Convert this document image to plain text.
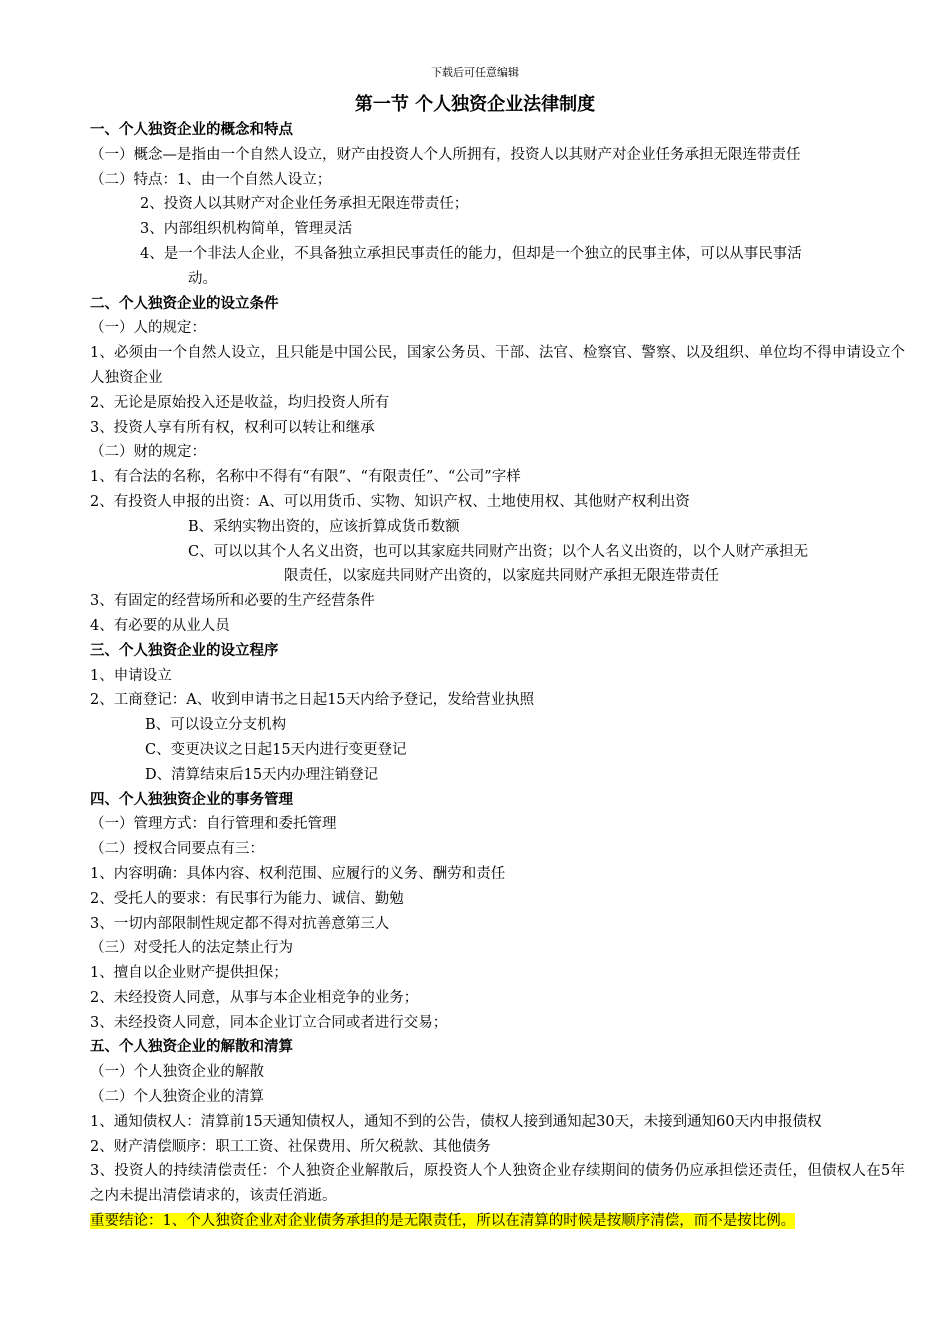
下载后可任意编辑
第一节 个人独资企业法律制度
一、个人独资企业的概念和特点
（一）概念—是指由一个自然人设立，财产由投资人个人所拥有，投资人以其财产对企业任务承担无限连带责任
（二）特点：1、由一个自然人设立；
2、投资人以其财产对企业任务承担无限连带责任；
3、内部组织机构简单，管理灵活
4、是一个非法人企业，不具备独立承担民事责任的能力，但却是一个独立的民事主体，可以从事民事活
动。
二、个人独资企业的设立条件
（一）人的规定：
1、必须由一个自然人设立，且只能是中国公民，国家公务员、干部、法官、检察官、警察、以及组织、单位均不得申请设立个人独资企业
2、无论是原始投入还是收益，均归投资人所有
3、投资人享有所有权，权利可以转让和继承
（二）财的规定：
1、有合法的名称，名称中不得有“有限”、“有限责任”、“公司”字样
2、有投资人申报的出资：A、可以用货币、实物、知识产权、土地使用权、其他财产权利出资
B、采纳实物出资的，应该折算成货币数额
C、可以以其个人名义出资，也可以其家庭共同财产出资；以个人名义出资的，以个人财产承担无
限责任，以家庭共同财产出资的，以家庭共同财产承担无限连带责任
3、有固定的经营场所和必要的生产经营条件
4、有必要的从业人员
三、个人独资企业的设立程序
1、申请设立
2、工商登记：A、收到申请书之日起15天内给予登记，发给营业执照
B、可以设立分支机构
C、变更决议之日起15天内进行变更登记
D、清算结束后15天内办理注销登记
四、个人独独资企业的事务管理
（一）管理方式：自行管理和委托管理
（二）授权合同要点有三：
1、内容明确：具体内容、权利范围、应履行的义务、酬劳和责任
2、受托人的要求：有民事行为能力、诚信、勤勉
3、一切内部限制性规定都不得对抗善意第三人
（三）对受托人的法定禁止行为
1、擅自以企业财产提供担保；
2、未经投资人同意，从事与本企业相竞争的业务；
3、未经投资人同意，同本企业订立合同或者进行交易；
五、个人独资企业的解散和清算
（一）个人独资企业的解散
（二）个人独资企业的清算
1、通知债权人：清算前15天通知债权人，通知不到的公告，债权人接到通知起30天，未接到通知60天内申报债权
2、财产清偿顺序：职工工资、社保费用、所欠税款、其他债务
3、投资人的持续清偿责任：个人独资企业解散后，原投资人个人独资企业存续期间的债务仍应承担偿还责任，但债权人在5年之内未提出清偿请求的，该责任消逝。
重要结论：1、个人独资企业对企业债务承担的是无限责任，所以在清算的时候是按顺序清偿，而不是按比例。
